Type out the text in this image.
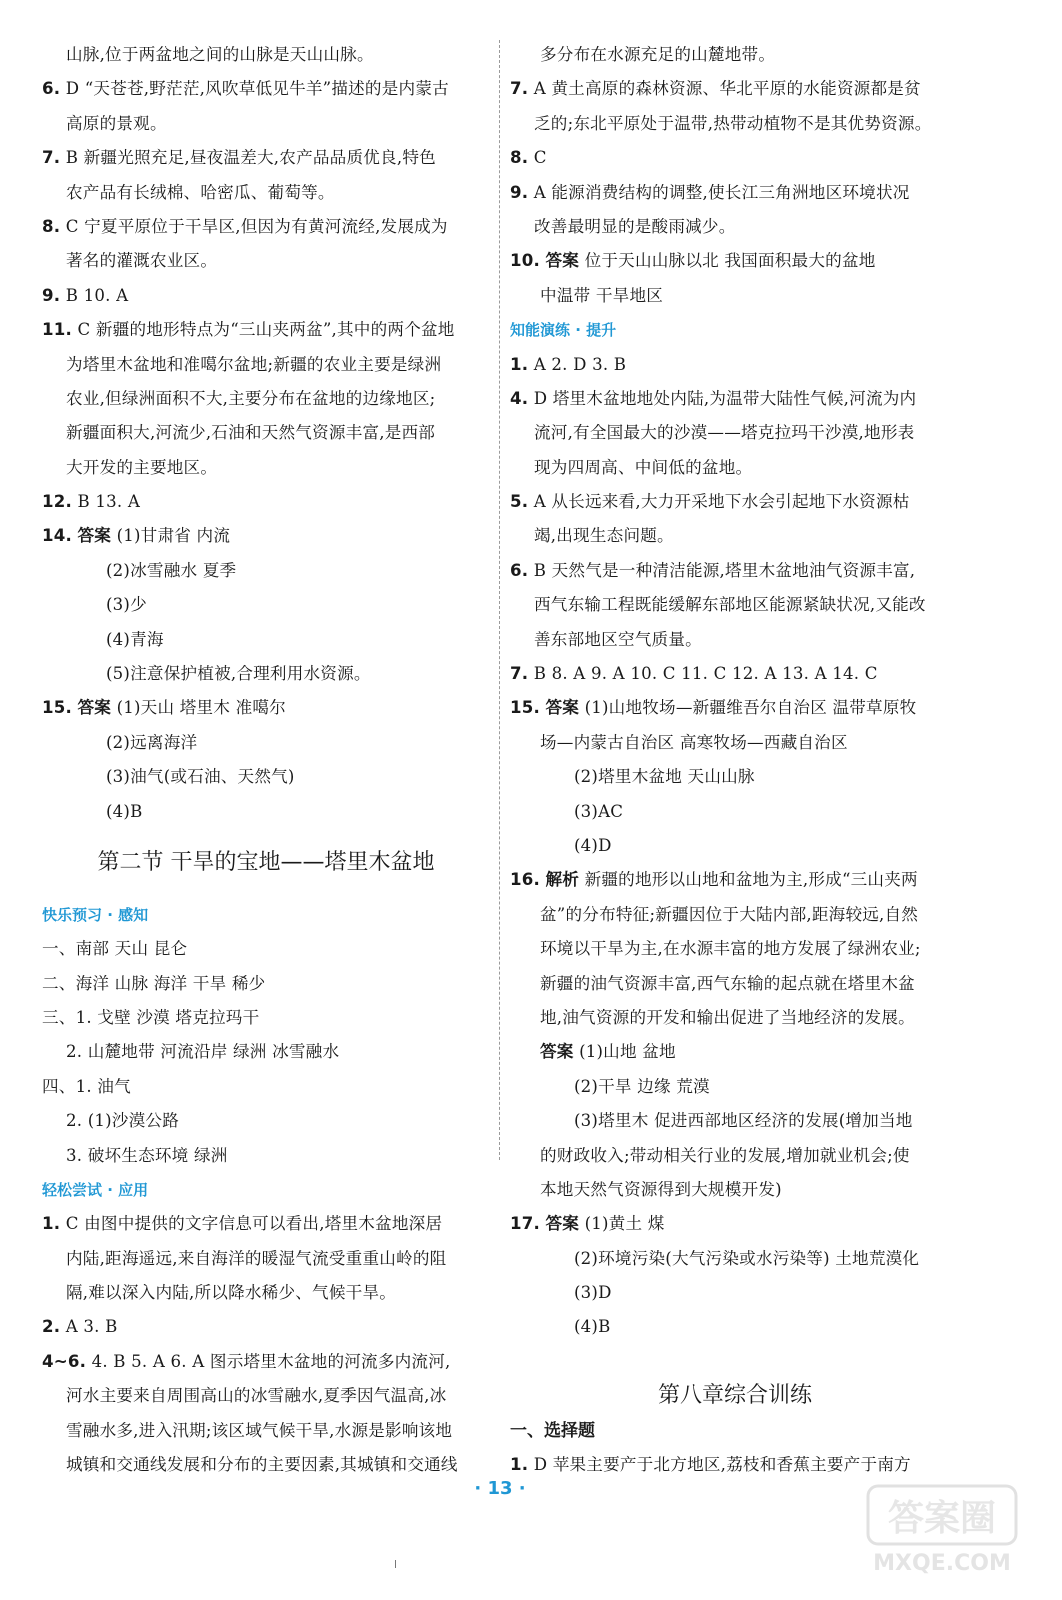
山脉,位于两盆地之间的山脉是天山山脉。
6. D “天苍苍,野茫茫,风吹草低见牛羊”描述的是内蒙古
高原的景观。
7. B 新疆光照充足,昼夜温差大,农产品品质优良,特色
农产品有长绒棉、哈密瓜、葡萄等。
8. C 宁夏平原位于干旱区,但因为有黄河流经,发展成为
著名的灌溉农业区。
9. B 10. A
11. C 新疆的地形特点为“三山夹两盆”,其中的两个盆地
为塔里木盆地和准噶尔盆地;新疆的农业主要是绿洲
农业,但绿洲面积不大,主要分布在盆地的边缘地区;
新疆面积大,河流少,石油和天然气资源丰富,是西部
大开发的主要地区。
12. B 13. A
14. 答案 (1)甘肃省 内流
(2)冰雪融水 夏季
(3)少
(4)青海
(5)注意保护植被,合理利用水资源。
15. 答案 (1)天山 塔里木 准噶尔
(2)远离海洋
(3)油气(或石油、天然气)
(4)B
第二节 干旱的宝地——塔里木盆地
快乐预习 · 感知
一、南部 天山 昆仑
二、海洋 山脉 海洋 干旱 稀少
三、1. 戈壁 沙漠 塔克拉玛干
2. 山麓地带 河流沿岸 绿洲 冰雪融水
四、1. 油气
2. (1)沙漠公路
3. 破坏生态环境 绿洲
轻松尝试 · 应用
1. C 由图中提供的文字信息可以看出,塔里木盆地深居
内陆,距海遥远,来自海洋的暖湿气流受重重山岭的阻
隔,难以深入内陆,所以降水稀少、气候干旱。
2. A 3. B
4~6. 4. B 5. A 6. A 图示塔里木盆地的河流多内流河,
河水主要来自周围高山的冰雪融水,夏季因气温高,冰
雪融水多,进入汛期;该区域气候干旱,水源是影响该地
城镇和交通线发展和分布的主要因素,其城镇和交通线
多分布在水源充足的山麓地带。
7. A 黄土高原的森林资源、华北平原的水能资源都是贫
乏的;东北平原处于温带,热带动植物不是其优势资源。
8. C
9. A 能源消费结构的调整,使长江三角洲地区环境状况
改善最明显的是酸雨减少。
10. 答案 位于天山山脉以北 我国面积最大的盆地
中温带 干旱地区
知能演练 · 提升
1. A 2. D 3. B
4. D 塔里木盆地地处内陆,为温带大陆性气候,河流为内
流河,有全国最大的沙漠——塔克拉玛干沙漠,地形表
现为四周高、中间低的盆地。
5. A 从长远来看,大力开采地下水会引起地下水资源枯
竭,出现生态问题。
6. B 天然气是一种清洁能源,塔里木盆地油气资源丰富,
西气东输工程既能缓解东部地区能源紧缺状况,又能改
善东部地区空气质量。
7. B 8. A 9. A 10. C 11. C 12. A 13. A 14. C
15. 答案 (1)山地牧场—新疆维吾尔自治区 温带草原牧
场—内蒙古自治区 高寒牧场—西藏自治区
(2)塔里木盆地 天山山脉
(3)AC
(4)D
16. 解析 新疆的地形以山地和盆地为主,形成“三山夹两
盆”的分布特征;新疆因位于大陆内部,距海较远,自然
环境以干旱为主,在水源丰富的地方发展了绿洲农业;
新疆的油气资源丰富,西气东输的起点就在塔里木盆
地,油气资源的开发和输出促进了当地经济的发展。
答案 (1)山地 盆地
(2)干旱 边缘 荒漠
(3)塔里木 促进西部地区经济的发展(增加当地
的财政收入;带动相关行业的发展,增加就业机会;使
本地天然气资源得到大规模开发)
17. 答案 (1)黄土 煤
(2)环境污染(大气污染或水污染等) 土地荒漠化
(3)D
(4)B
第八章综合训练
一、选择题
1. D 苹果主要产于北方地区,荔枝和香蕉主要产于南方
· 13 ·
答案圈
MXQE.COM
